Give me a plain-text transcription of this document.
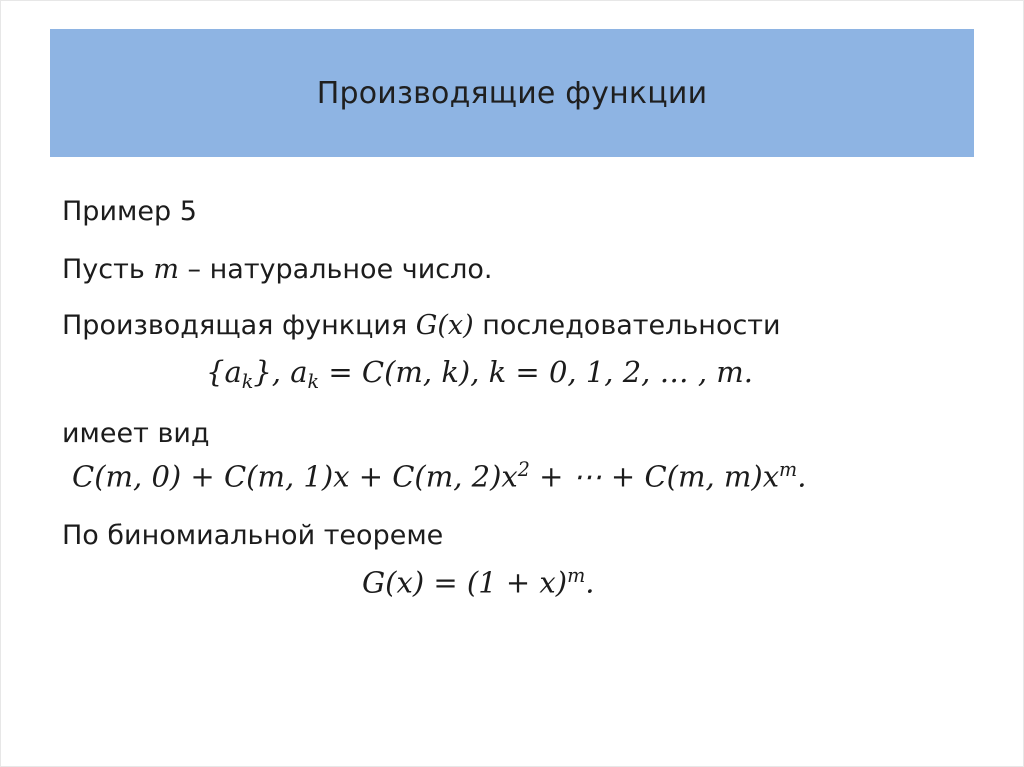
Производящие функции
Пример 5
Пусть m – натуральное число.
Производящая функция G(x) последовательности
$\{a_k\}$, $a_k = C(m$, k), k = 0, 1, 2, … , m.
имеет вид
C(m, 0) + C(m, 1)x + C(m, $2)x^2$ + ⋯ + C(m, $m)x^m$.
По биномиальной теореме
$G(x) = (1 + x)^m$.
